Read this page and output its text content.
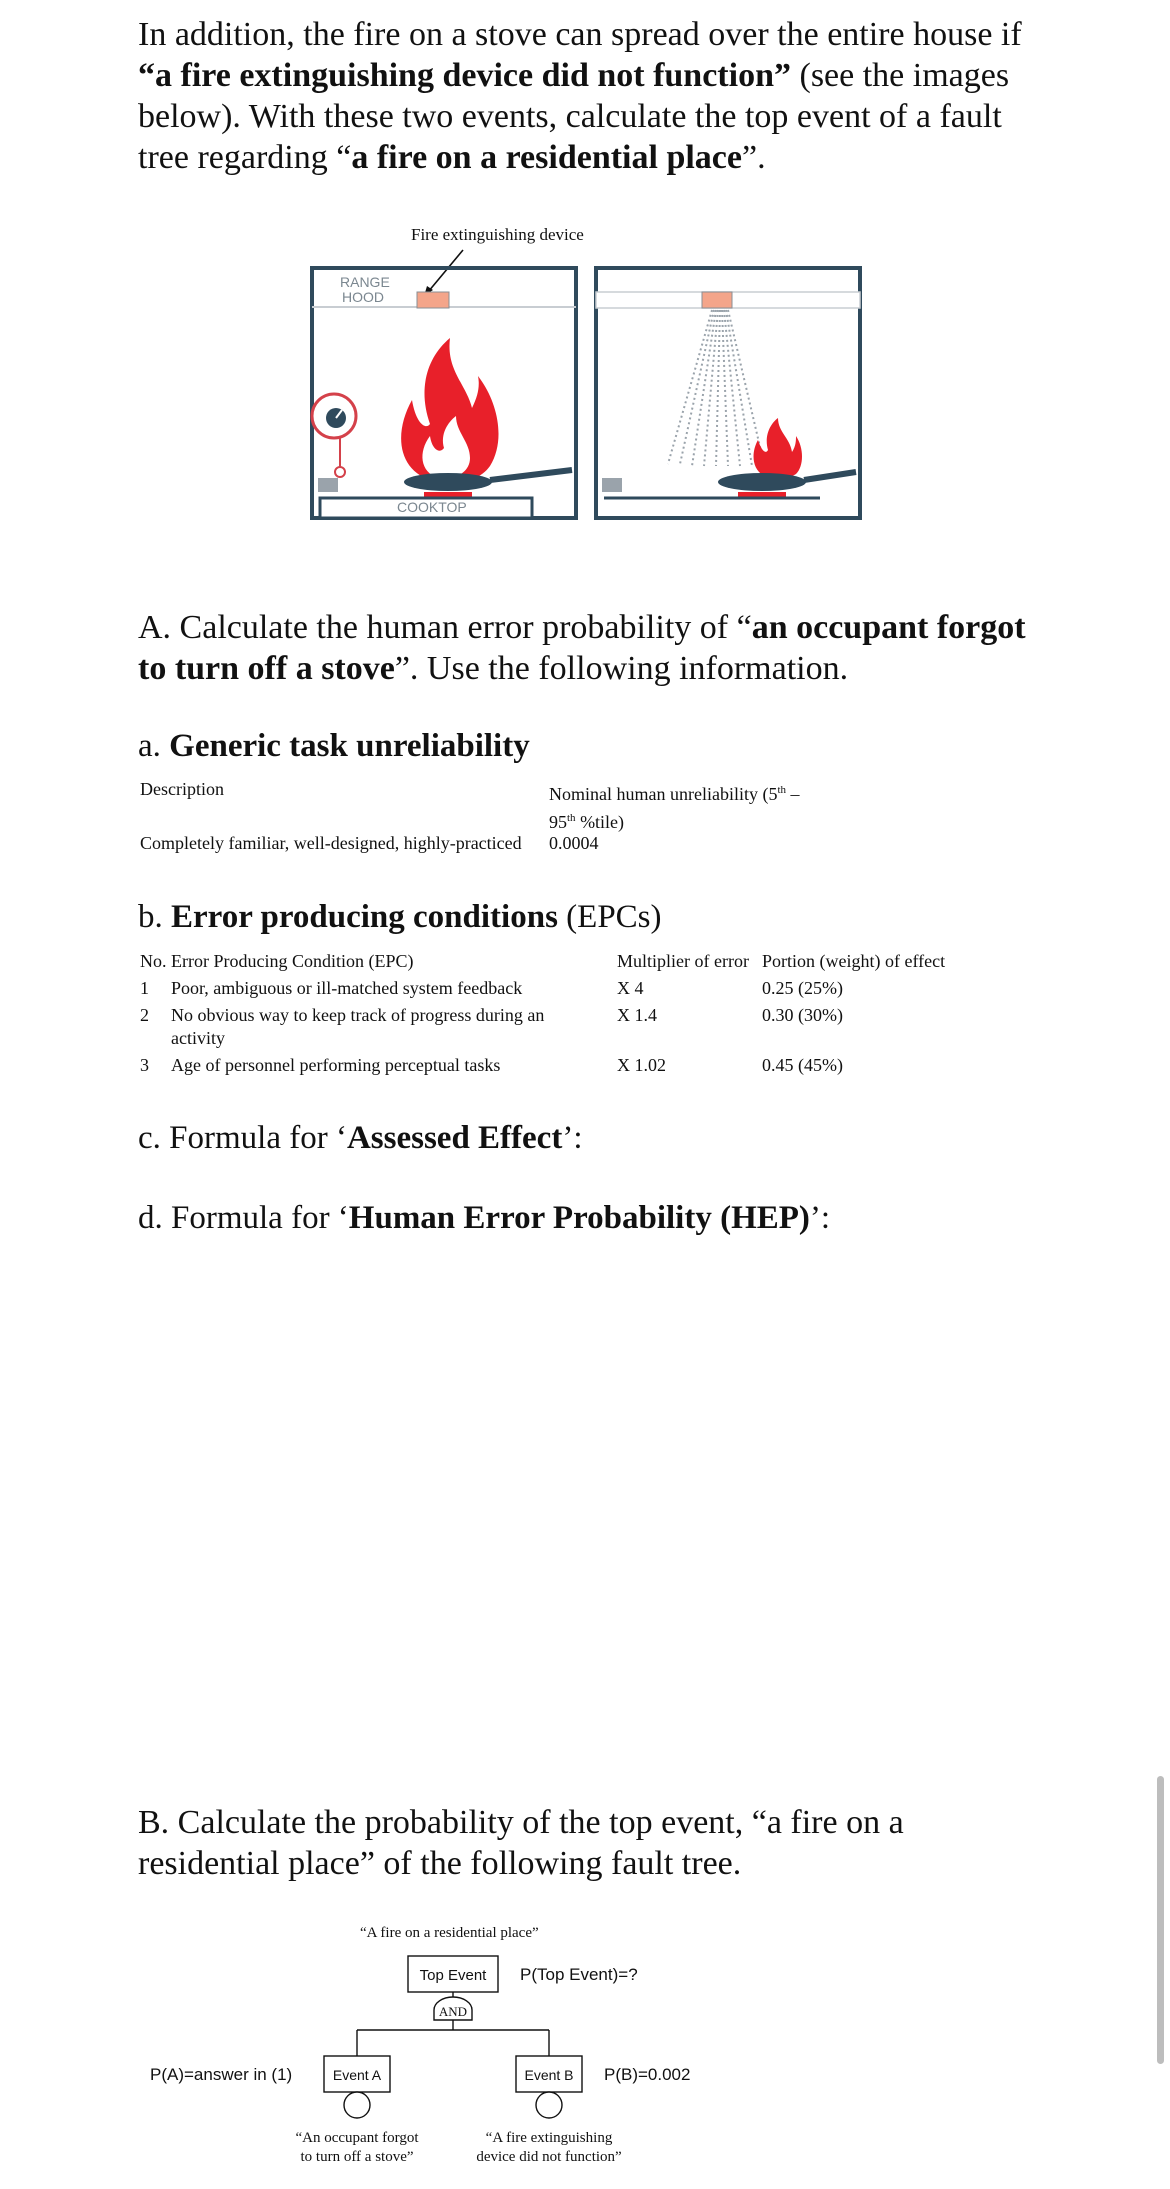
In addition, the fire on a stove can spread over the entire house if “a fire extinguishing device did not function” (see the images below). With these two events, calculate the top event of a fault tree regarding “a fire on a residential place”.
Fire extinguishing device
RANGE
HOOD
COOKTOP
A. Calculate the human error probability of “an occupant forgot to turn off a stove”. Use the following information.
a. Generic task unreliability
Description	Nominal human unreliability (5th –
95th %tile)
Completely familiar, well-designed, highly-practiced 0.0004
b. Error producing conditions (EPCs)
No. Error Producing Condition (EPC)	Multiplier of error Portion (weight) of effect
1 Poor, ambiguous or ill-matched system feedback	X 4	0.25 (25%)
2 No obvious way to keep track of progress during an
activity
X 1.4	0.30 (30%)
3 Age of personnel performing perceptual tasks	X 1.02	0.45 (45%)
c. Formula for ‘Assessed Effect’:
d. Formula for ‘Human Error Probability (HEP)’:
B. Calculate the probability of the top event, “a fire on a
residential place” of the following fault tree.
“A fire on a residential place”
Top Event P(Top Event)=?
AND
P(A)=answer in (1)	Event A
“An occupant forgot
to turn off a stove”
Event B P(B)=0.002
“A fire extinguishing
device did not function”
